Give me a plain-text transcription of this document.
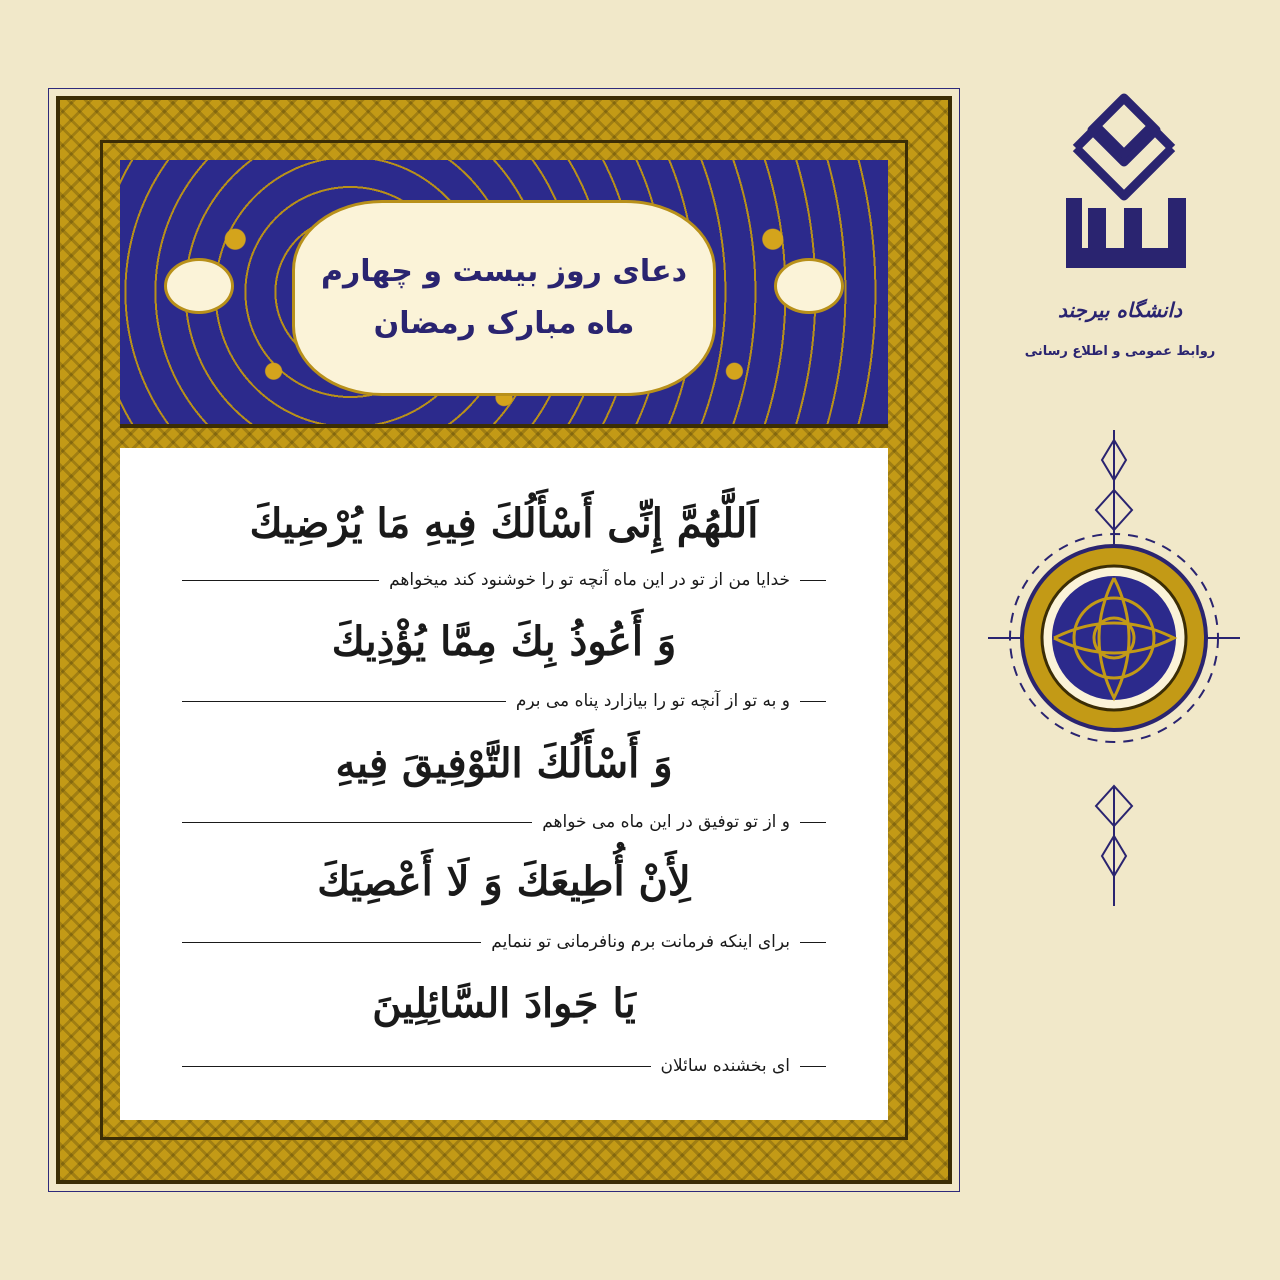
دعای روز بیست و چهارم
ماه مبارک رمضان
اَللَّهُمَّ إِنِّی أَسْأَلُكَ فِیهِ مَا یُرْضِیكَ
خدایا من از تو در این ماه آنچه تو را خوشنود کند میخواهم
وَ أَعُوذُ بِكَ مِمَّا یُؤْذِیكَ
و به تو از آنچه تو را بیازارد پناه می برم
وَ أَسْأَلُكَ التَّوْفِیقَ فِیهِ
و از تو توفیق در این ماه می خواهم
لِأَنْ أُطِیعَكَ وَ لَا أَعْصِیَكَ
برای اینکه فرمانت برم ونافرمانی تو ننمایم
یَا جَوادَ السَّائِلِینَ
ای بخشنده سائلان
دانشگاه بیرجند
روابط عمومی و اطلاع رسانی
